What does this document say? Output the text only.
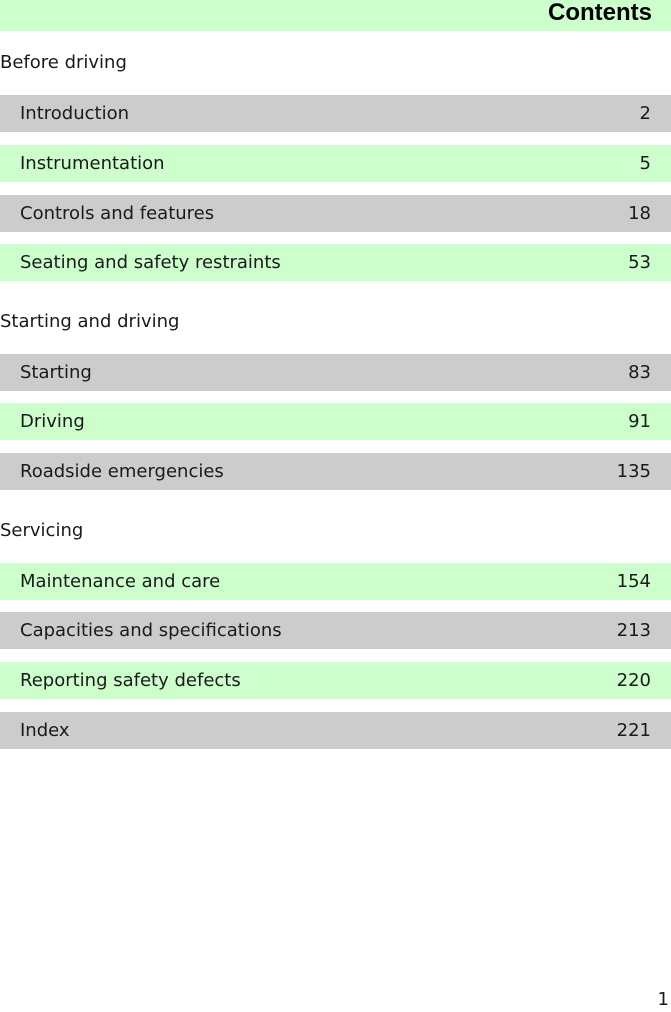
Contents
Before driving
Introduction	2
Instrumentation	5
Controls and features	18
Seating and safety restraints	53
Starting and driving
Starting	83
Driving	91
Roadside emergencies	135
Servicing
Maintenance and care	154
Capacities and specifications	213
Reporting safety defects	220
Index	221
1
